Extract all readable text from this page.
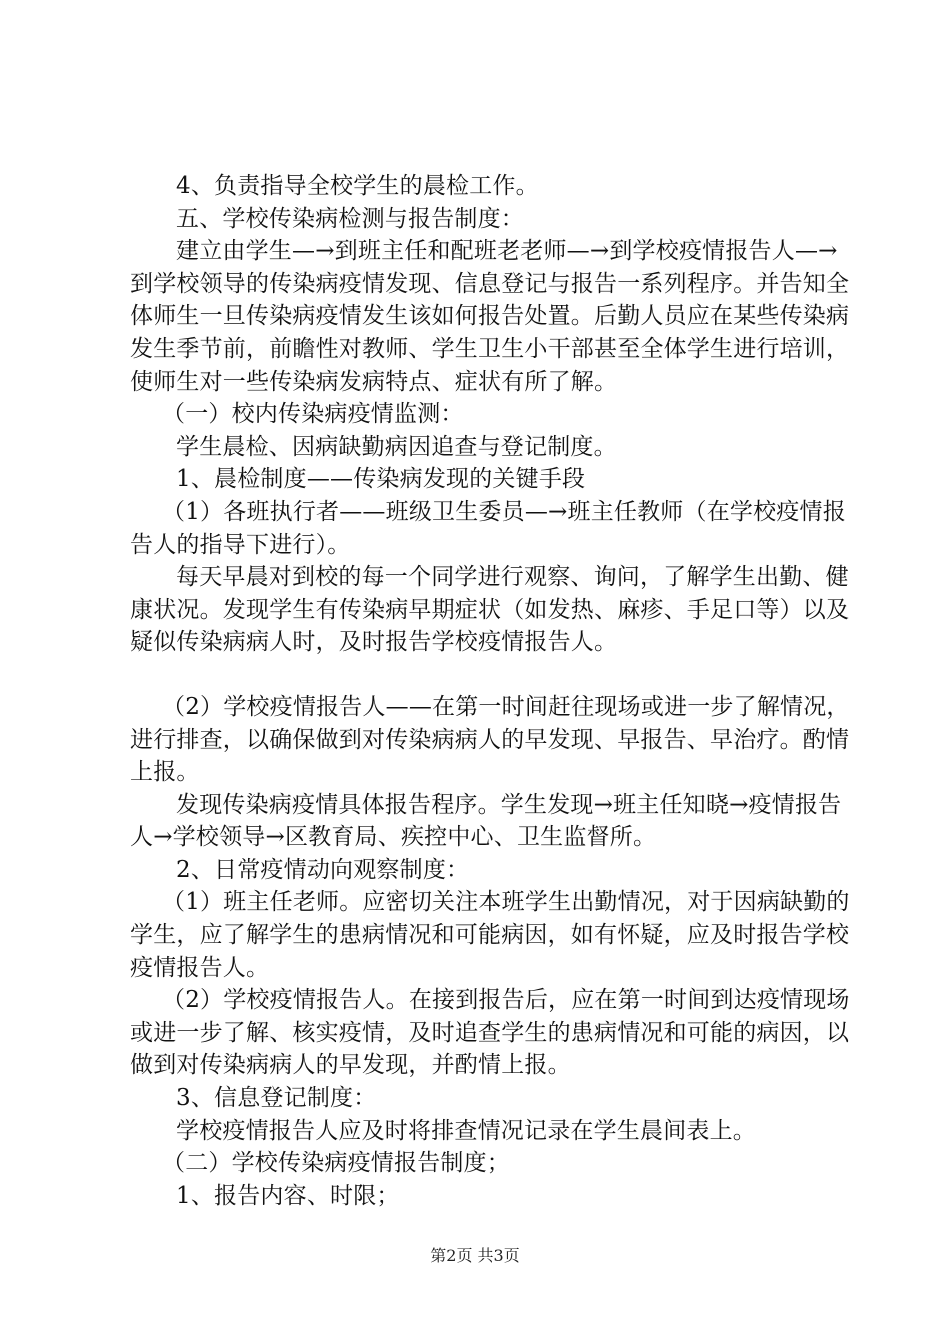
4、负责指导全校学生的晨检工作。

五、学校传染病检测与报告制度：

建立由学生—→到班主任和配班老老师—→到学校疫情报告人—→到学校领导的传染病疫情发现、信息登记与报告一系列程序。并告知全体师生一旦传染病疫情发生该如何报告处置。后勤人员应在某些传染病发生季节前，前瞻性对教师、学生卫生小干部甚至全体学生进行培训，使师生对一些传染病发病特点、症状有所了解。

（一）校内传染病疫情监测：

学生晨检、因病缺勤病因追查与登记制度。

1、晨检制度——传染病发现的关键手段

（1）各班执行者——班级卫生委员—→班主任教师（在学校疫情报告人的指导下进行）。

每天早晨对到校的每一个同学进行观察、询问，了解学生出勤、健康状况。发现学生有传染病早期症状（如发热、麻疹、手足口等）以及疑似传染病病人时，及时报告学校疫情报告人。

（2）学校疫情报告人——在第一时间赶往现场或进一步了解情况，进行排查，以确保做到对传染病病人的早发现、早报告、早治疗。酌情上报。

发现传染病疫情具体报告程序。学生发现→班主任知晓→疫情报告人→学校领导→区教育局、疾控中心、卫生监督所。

2、日常疫情动向观察制度：

（1）班主任老师。应密切关注本班学生出勤情况，对于因病缺勤的学生，应了解学生的患病情况和可能病因，如有怀疑，应及时报告学校疫情报告人。

（2）学校疫情报告人。在接到报告后，应在第一时间到达疫情现场或进一步了解、核实疫情，及时追查学生的患病情况和可能的病因，以做到对传染病病人的早发现，并酌情上报。

3、信息登记制度：

学校疫情报告人应及时将排查情况记录在学生晨间表上。

（二）学校传染病疫情报告制度；

1、报告内容、时限；

第2页 共3页
